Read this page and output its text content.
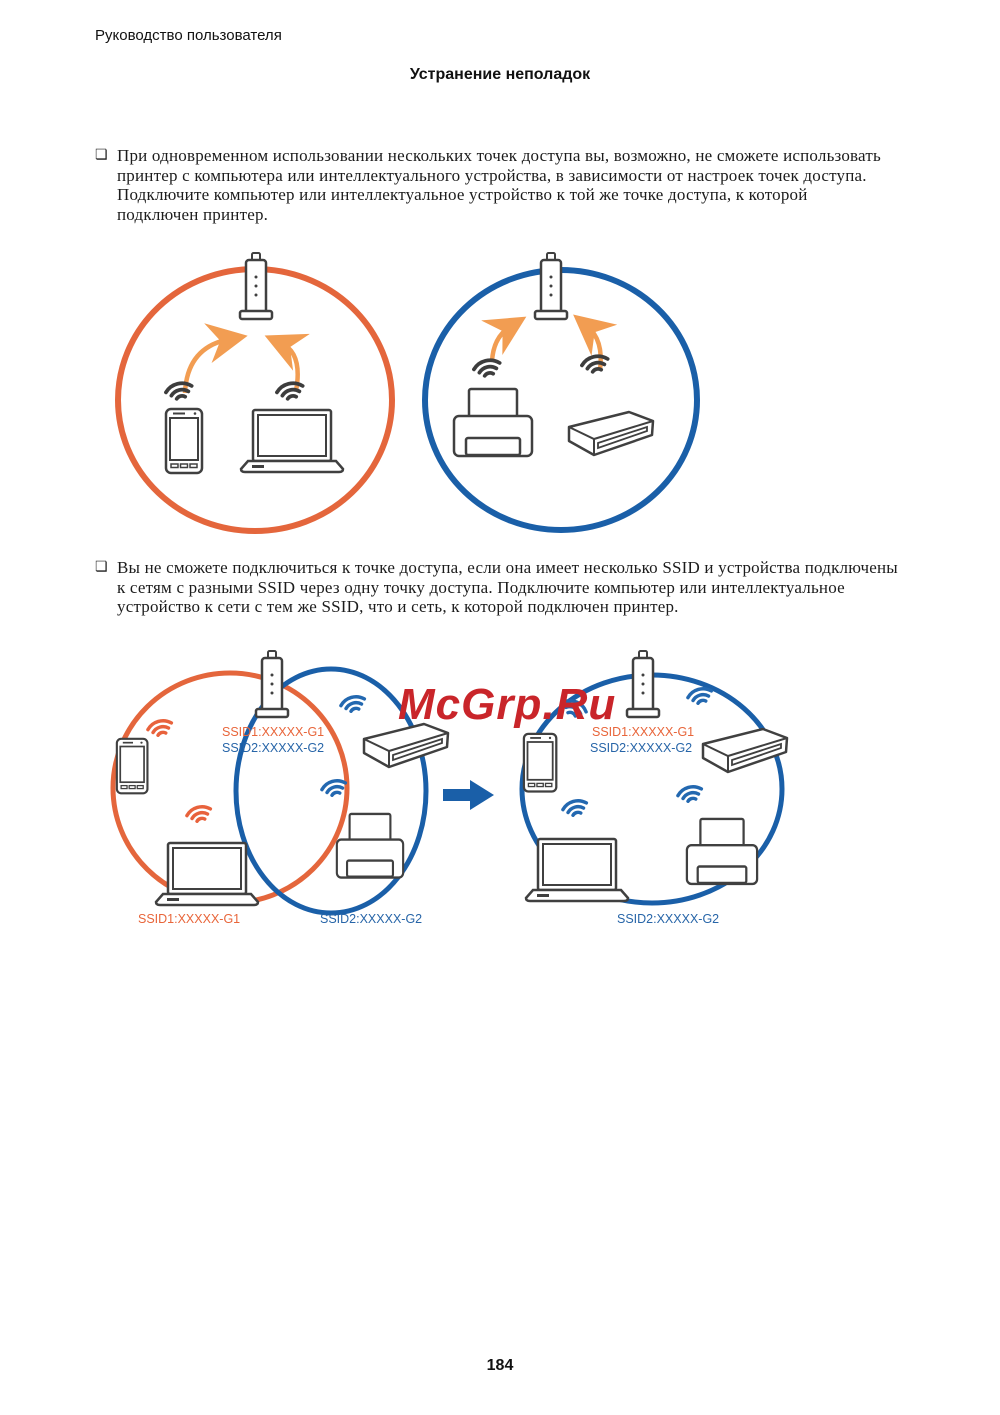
Руководство пользователя
Устранение неполадок
❏ При одновременном использовании нескольких точек доступа вы, возможно, не сможете использовать
принтер с компьютера или интеллектуального устройства, в зависимости от настроек точек доступа.
Подключите компьютер или интеллектуальное устройство к той же точке доступа, к которой
подключен принтер.
❏ Вы не сможете подключиться к точке доступа, если она имеет несколько SSID и устройства подключены
к сетям с разными SSID через одну точку доступа. Подключите компьютер или интеллектуальное
устройство к сети с тем же SSID, что и сеть, к которой подключен принтер.
SSID1:XXXXX-G1
SSID2:XXXXX-G2
SSID1:XXXXX-G1	SSID2:XXXXX-G2
SSID1:XXXXX-G1
SSID2:XXXXX-G2
SSID2:XXXXX-G2
McGrp.Ru
184
